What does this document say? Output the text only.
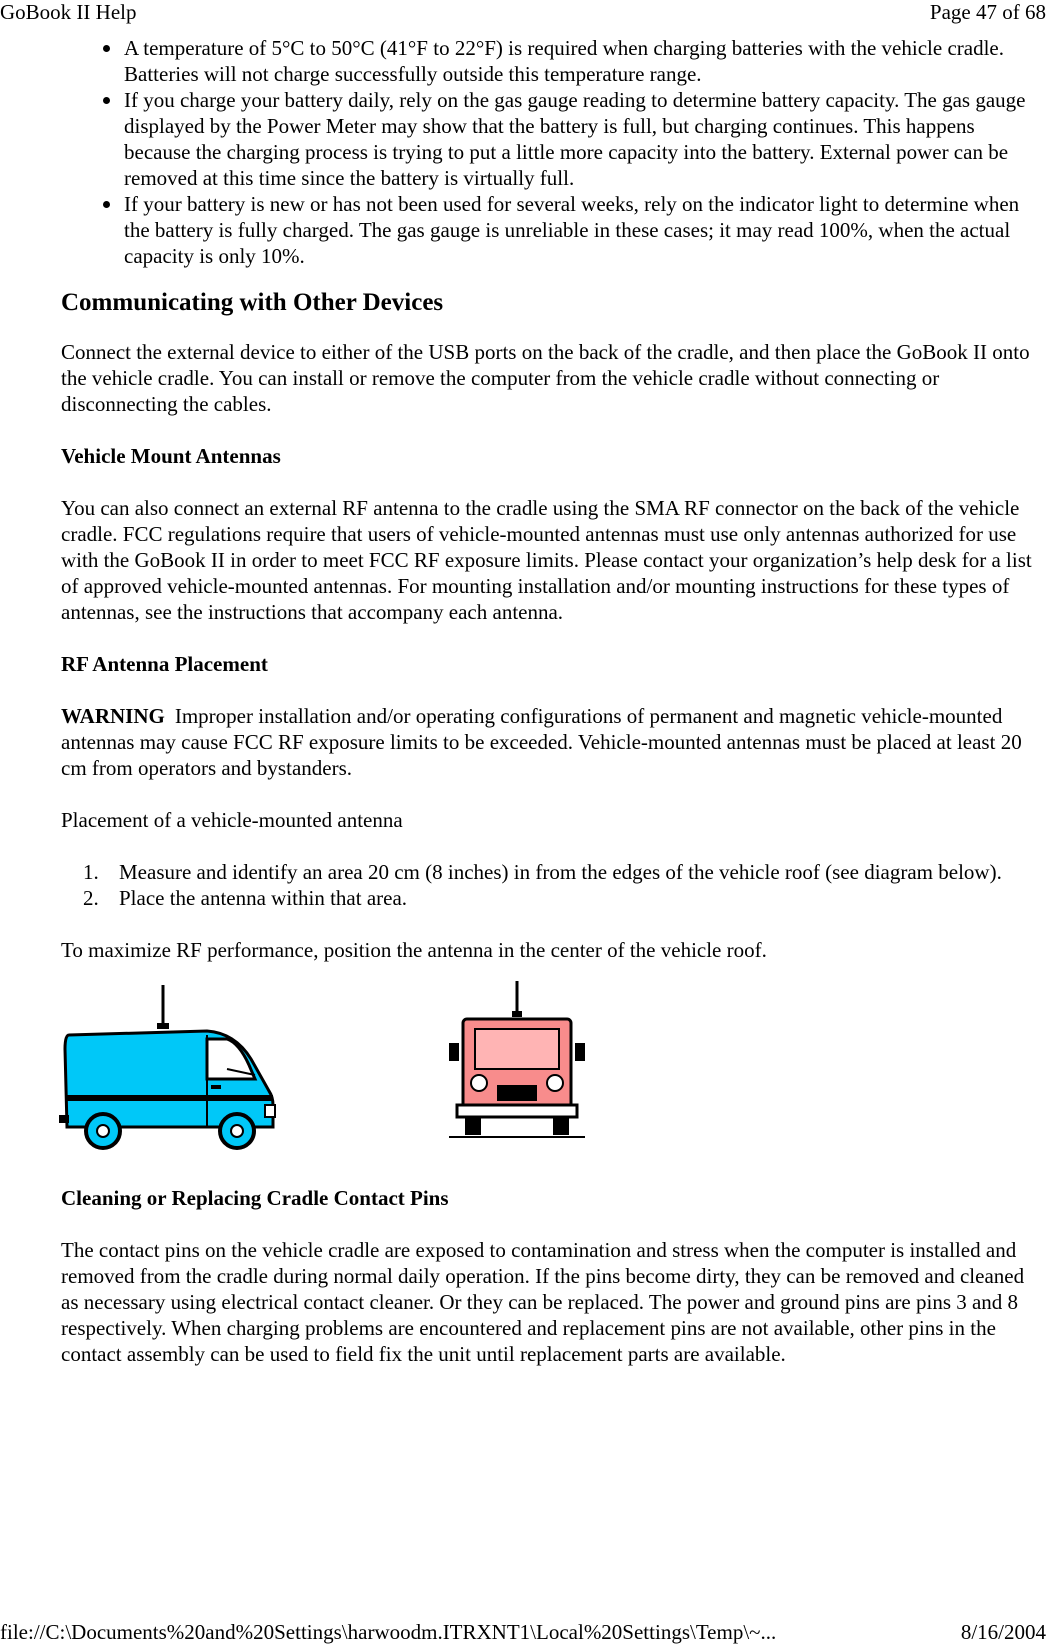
GoBook II Help	Page 47 of 68
A temperature of 5°C to 50°C (41°F to 22°F) is required when charging batteries with the vehicle cradle. Batteries will not charge successfully outside this temperature range.
If you charge your battery daily, rely on the gas gauge reading to determine battery capacity. The gas gauge displayed by the Power Meter may show that the battery is full, but charging continues. This happens because the charging process is trying to put a little more capacity into the battery. External power can be removed at this time since the battery is virtually full.
If your battery is new or has not been used for several weeks, rely on the indicator light to determine when the battery is fully charged. The gas gauge is unreliable in these cases; it may read 100%, when the actual capacity is only 10%.
Communicating with Other Devices

Connect the external device to either of the USB ports on the back of the cradle, and then place the GoBook II onto the vehicle cradle. You can install or remove the computer from the vehicle cradle without connecting or disconnecting the cables.

Vehicle Mount Antennas

You can also connect an external RF antenna to the cradle using the SMA RF connector on the back of the vehicle cradle. FCC regulations require that users of vehicle-mounted antennas must use only antennas authorized for use with the GoBook II in order to meet FCC RF exposure limits. Please contact your organization’s help desk for a list of approved vehicle-mounted antennas. For mounting installation and/or mounting instructions for these types of antennas, see the instructions that accompany each antenna.

RF Antenna Placement

WARNING Improper installation and/or operating configurations of permanent and magnetic vehicle-mounted antennas may cause FCC RF exposure limits to be exceeded. Vehicle-mounted antennas must be placed at least 20 cm from operators and bystanders.

Placement of a vehicle-mounted antenna

1. Measure and identify an area 20 cm (8 inches) in from the edges of the vehicle roof (see diagram below).
2. Place the antenna within that area.

To maximize RF performance, position the antenna in the center of the vehicle roof.

Cleaning or Replacing Cradle Contact Pins

The contact pins on the vehicle cradle are exposed to contamination and stress when the computer is installed and removed from the cradle during normal daily operation. If the pins become dirty, they can be removed and cleaned as necessary using electrical contact cleaner. Or they can be replaced. The power and ground pins are pins 3 and 8 respectively. When charging problems are encountered and replacement pins are not available, other pins in the contact assembly can be used to field fix the unit until replacement parts are available.

file://C:\Documents%20and%20Settings\harwoodm.ITRXNT1\Local%20Settings\Temp\~...	8/16/2004
